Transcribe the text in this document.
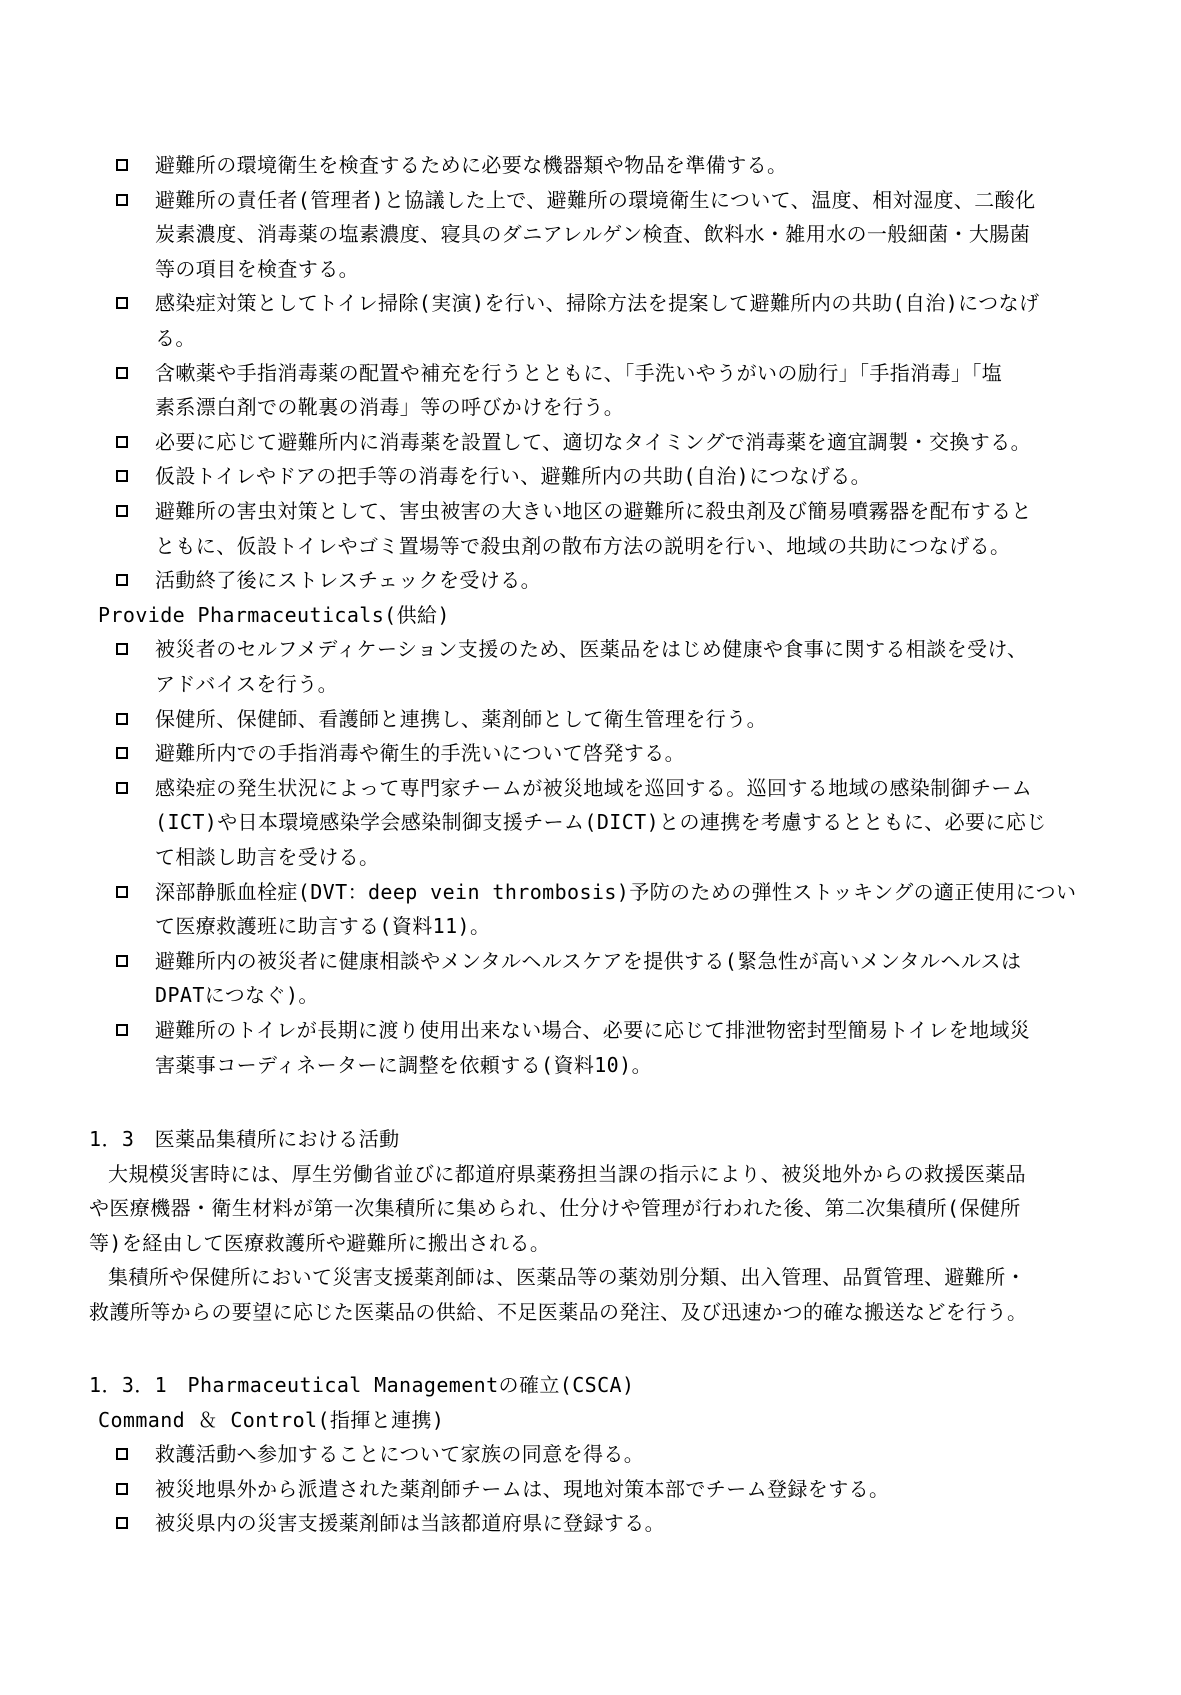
避難所の環境衛生を検査するために必要な機器類や物品を準備する。
避難所の責任者(管理者)と協議した上で、避難所の環境衛生について、温度、相対湿度、二酸化
炭素濃度、消毒薬の塩素濃度、寝具のダニアレルゲン検査、飲料水・雑用水の一般細菌・大腸菌
等の項目を検査する。
感染症対策としてトイレ掃除(実演)を行い、掃除方法を提案して避難所内の共助(自治)につなげ
る。
含嗽薬や手指消毒薬の配置や補充を行うとともに、「手洗いやうがいの励行」「手指消毒」「塩
素系漂白剤での靴裏の消毒」等の呼びかけを行う。
必要に応じて避難所内に消毒薬を設置して、適切なタイミングで消毒薬を適宜調製・交換する。
仮設トイレやドアの把手等の消毒を行い、避難所内の共助(自治)につなげる。
避難所の害虫対策として、害虫被害の大きい地区の避難所に殺虫剤及び簡易噴霧器を配布すると
ともに、仮設トイレやゴミ置場等で殺虫剤の散布方法の説明を行い、地域の共助につなげる。
活動終了後にストレスチェックを受ける。
Provide Pharmaceuticals(供給)
被災者のセルフメディケーション支援のため、医薬品をはじめ健康や食事に関する相談を受け、
アドバイスを行う。
保健所、保健師、看護師と連携し、薬剤師として衛生管理を行う。
避難所内での手指消毒や衛生的手洗いについて啓発する。
感染症の発生状況によって専門家チームが被災地域を巡回する。巡回する地域の感染制御チーム
(ICT)や日本環境感染学会感染制御支援チーム(DICT)との連携を考慮するとともに、必要に応じ
て相談し助言を受ける。
深部静脈血栓症(DVT：deep vein thrombosis)予防のための弾性ストッキングの適正使用につい
て医療救護班に助言する(資料11)。
避難所内の被災者に健康相談やメンタルヘルスケアを提供する(緊急性が高いメンタルヘルスは
DPATにつなぐ)。
避難所のトイレが長期に渡り使用出来ない場合、必要に応じて排泄物密封型簡易トイレを地域災
害薬事コーディネーターに調整を依頼する(資料10)。
1．3　医薬品集積所における活動
大規模災害時には、厚生労働省並びに都道府県薬務担当課の指示により、被災地外からの救援医薬品
や医療機器・衛生材料が第一次集積所に集められ、仕分けや管理が行われた後、第二次集積所(保健所
等)を経由して医療救護所や避難所に搬出される。
集積所や保健所において災害支援薬剤師は、医薬品等の薬効別分類、出入管理、品質管理、避難所・
救護所等からの要望に応じた医薬品の供給、不足医薬品の発注、及び迅速かつ的確な搬送などを行う。
1．3．1　Pharmaceutical Managementの確立(CSCA)
Command ＆ Control(指揮と連携)
救護活動へ参加することについて家族の同意を得る。
被災地県外から派遣された薬剤師チームは、現地対策本部でチーム登録をする。
被災県内の災害支援薬剤師は当該都道府県に登録する。
